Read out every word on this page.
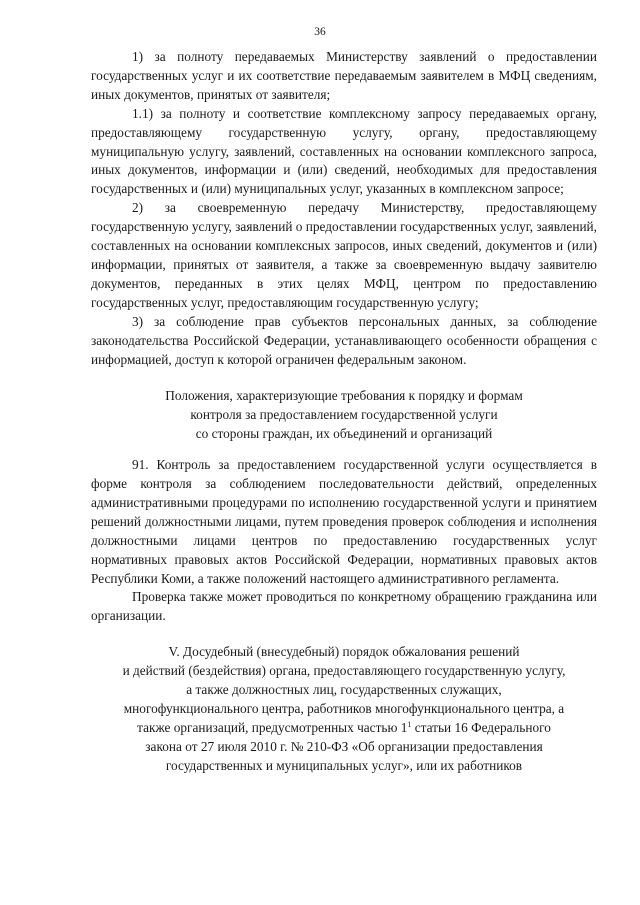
36

1) за полноту передаваемых Министерству заявлений о предоставлении государственных услуг и их соответствие передаваемым заявителем в МФЦ сведениям, иных документов, принятых от заявителя;

1.1) за полноту и соответствие комплексному запросу передаваемых органу, предоставляющему государственную услугу, органу, предоставляющему муниципальную услугу, заявлений, составленных на основании комплексного запроса, иных документов, информации и (или) сведений, необходимых для предоставления государственных и (или) муниципальных услуг, указанных в комплексном запросе;

2) за своевременную передачу Министерству, предоставляющему государственную услугу, заявлений о предоставлении государственных услуг, заявлений, составленных на основании комплексных запросов, иных сведений, документов и (или) информации, принятых от заявителя, а также за своевременную выдачу заявителю документов, переданных в этих целях МФЦ, центром по предоставлению государственных услуг, предоставляющим государственную услугу;

3) за соблюдение прав субъектов персональных данных, за соблюдение законодательства Российской Федерации, устанавливающего особенности обращения с информацией, доступ к которой ограничен федеральным законом.

Положения, характеризующие требования к порядку и формам
контроля за предоставлением государственной услуги
со стороны граждан, их объединений и организаций

91. Контроль за предоставлением государственной услуги осуществляется в форме контроля за соблюдением последовательности действий, определенных административными процедурами по исполнению государственной услуги и принятием решений должностными лицами, путем проведения проверок соблюдения и исполнения должностными лицами центров по предоставлению государственных услуг нормативных правовых актов Российской Федерации, нормативных правовых актов Республики Коми, а также положений настоящего административного регламента.

Проверка также может проводиться по конкретному обращению гражданина или организации.

V. Досудебный (внесудебный) порядок обжалования решений
и действий (бездействия) органа, предоставляющего государственную услугу,
а также должностных лиц, государственных служащих,
многофункционального центра, работников многофункционального центра, а
также организаций, предусмотренных частью $1^1$ статьи 16 Федерального
закона от 27 июля 2010 г. № 210-ФЗ «Об организации предоставления
государственных и муниципальных услуг», или их работников
